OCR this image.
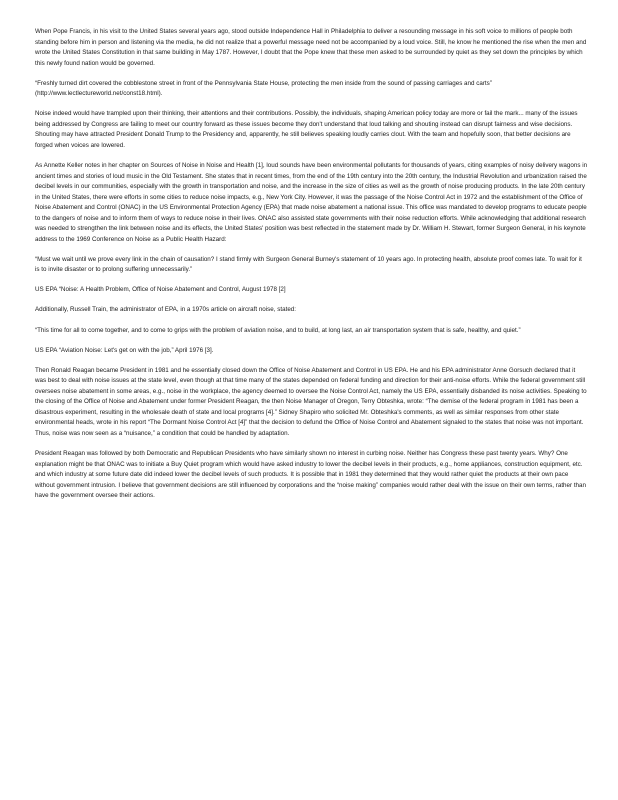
When Pope Francis, in his visit to the United States several years ago, stood outside Independence Hall in Philadelphia to deliver a resounding message in his soft voice to millions of people both standing before him in person and listening via the media, he did not realize that a powerful message need not be accompanied by a loud voice. Still, he know he mentioned the rise when the men and wrote the United States Constitution in that same building in May 1787. However, I doubt that the Pope knew that these men asked to be surrounded by quiet as they set down the principles by which this newly found nation would be governed.

“Freshly turned dirt covered the cobblestone street in front of the Pennsylvania State House, protecting the men inside from the sound of passing carriages and carts” (http://www.lectlectureworld.net/const18.html).

Noise indeed would have trampled upon their thinking, their attentions and their contributions. Possibly, the individuals, shaping American policy today are more or fail the mark... many of the issues being addressed by Congress are failing to meet our country forward as these issues become they don't understand that loud talking and shouting instead can disrupt fairness and wise decisions. Shouting may have attracted President Donald Trump to the Presidency and, apparently, he still believes speaking loudly carries clout. With the team and hopefully soon, that better decisions are forged when voices are lowered.

As Annette Keller notes in her chapter on Sources of Noise in Noise and Health [1], loud sounds have been environmental pollutants for thousands of years, citing examples of noisy delivery wagons in ancient times and stories of loud music in the Old Testament. She states that in recent times, from the end of the 19th century into the 20th century, the Industrial Revolution and urbanization raised the decibel levels in our communities, especially with the growth in transportation and noise, and the increase in the size of cities as well as the growth of noise producing products. In the late 20th century in the United States, there were efforts in some cities to reduce noise impacts, e.g., New York City. However, it was the passage of the Noise Control Act in 1972 and the establishment of the Office of Noise Abatement and Control (ONAC) in the US Environmental Protection Agency (EPA) that made noise abatement a national issue. This office was mandated to develop programs to educate people to the dangers of noise and to inform them of ways to reduce noise in their lives. ONAC also assisted state governments with their noise reduction efforts. While acknowledging that additional research was needed to strengthen the link between noise and its effects, the United States' position was best reflected in the statement made by Dr. William H. Stewart, former Surgeon General, in his keynote address to the 1969 Conference on Noise as a Public Health Hazard:

“Must we wait until we prove every link in the chain of causation? I stand firmly with Surgeon General Burney's statement of 10 years ago. In protecting health, absolute proof comes late. To wait for it is to invite disaster or to prolong suffering unnecessarily.”

US EPA “Noise: A Health Problem, Office of Noise Abatement and Control, August 1978 [2]

Additionally, Russell Train, the administrator of EPA, in a 1970s article on aircraft noise, stated:

“This time for all to come together, and to come to grips with the problem of aviation noise, and to build, at long last, an air transportation system that is safe, healthy, and quiet.”

US EPA “Aviation Noise: Let's get on with the job,” April 1976 [3].

Then Ronald Reagan became President in 1981 and he essentially closed down the Office of Noise Abatement and Control in US EPA. He and his EPA administrator Anne Gorsuch declared that it was best to deal with noise issues at the state level, even though at that time many of the states depended on federal funding and direction for their anti-noise efforts. While the federal government still oversees noise abatement in some areas, e.g., noise in the workplace, the agency deemed to oversee the Noise Control Act, namely the US EPA, essentially disbanded its noise activities. Speaking to the closing of the Office of Noise and Abatement under former President Reagan, the then Noise Manager of Oregon, Terry Obteshka, wrote: “The demise of the federal program in 1981 has been a disastrous experiment, resulting in the wholesale death of state and local programs [4].” Sidney Shapiro who solicited Mr. Obteshka's comments, as well as similar responses from other state environmental heads, wrote in his report “The Dormant Noise Control Act [4]” that the decision to defund the Office of Noise Control and Abatement signaled to the states that noise was not important. Thus, noise was now seen as a “nuisance,” a condition that could be handled by adaptation.

President Reagan was followed by both Democratic and Republican Presidents who have similarly shown no interest in curbing noise. Neither has Congress these past twenty years. Why? One explanation might be that ONAC was to initiate a Buy Quiet program which would have asked industry to lower the decibel levels in their products, e.g., home appliances, construction equipment, etc. and which industry at some future date did indeed lower the decibel levels of such products. It is possible that in 1981 they determined that they would rather quiet the products at their own pace without government intrusion. I believe that government decisions are still influenced by corporations and the “noise making” companies would rather deal with the issue on their own terms, rather than have the government oversee their actions.
